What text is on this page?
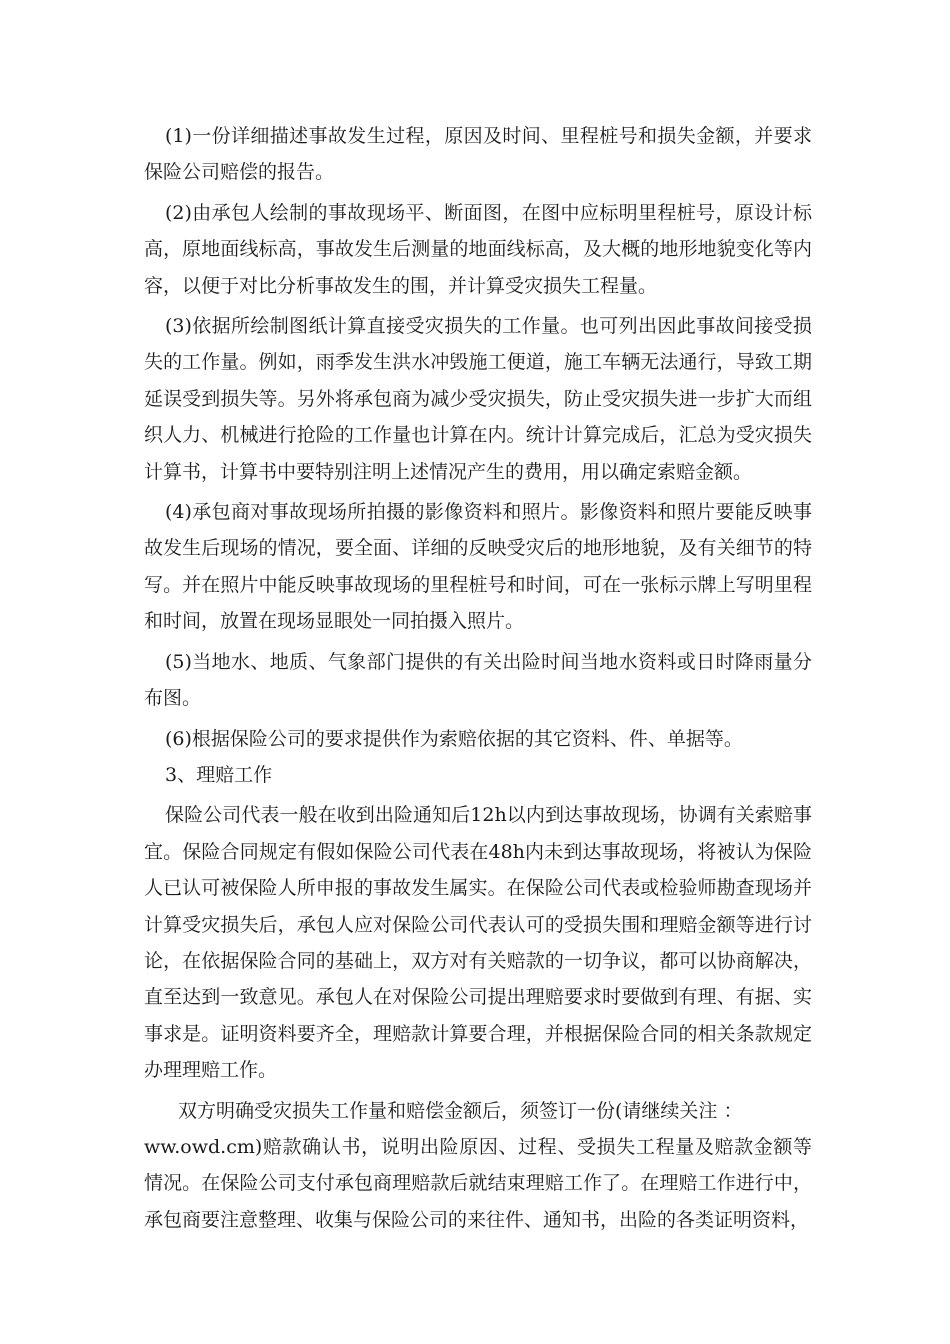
(1)一份详细描述事故发生过程，原因及时间、里程桩号和损失金额，并要求保险公司赔偿的报告。

(2)由承包人绘制的事故现场平、断面图，在图中应标明里程桩号，原设计标高，原地面线标高，事故发生后测量的地面线标高，及大概的地形地貌变化等内容，以便于对比分析事故发生的围，并计算受灾损失工程量。

(3)依据所绘制图纸计算直接受灾损失的工作量。也可列出因此事故间接受损失的工作量。例如，雨季发生洪水冲毁施工便道，施工车辆无法通行，导致工期延误受到损失等。另外将承包商为减少受灾损失，防止受灾损失进一步扩大而组织人力、机械进行抢险的工作量也计算在内。统计计算完成后，汇总为受灾损失计算书，计算书中要特别注明上述情况产生的费用，用以确定索赔金额。

(4)承包商对事故现场所拍摄的影像资料和照片。影像资料和照片要能反映事故发生后现场的情况，要全面、详细的反映受灾后的地形地貌，及有关细节的特写。并在照片中能反映事故现场的里程桩号和时间，可在一张标示牌上写明里程和时间，放置在现场显眼处一同拍摄入照片。

(5)当地水、地质、气象部门提供的有关出险时间当地水资料或日时降雨量分布图。

(6)根据保险公司的要求提供作为索赔依据的其它资料、件、单据等。

3、理赔工作

保险公司代表一般在收到出险通知后12h以内到达事故现场，协调有关索赔事宜。保险合同规定有假如保险公司代表在48h内未到达事故现场，将被认为保险人已认可被保险人所申报的事故发生属实。在保险公司代表或检验师勘查现场并计算受灾损失后，承包人应对保险公司代表认可的受损失围和理赔金额等进行讨论，在依据保险合同的基础上，双方对有关赔款的一切争议，都可以协商解决，直至达到一致意见。承包人在对保险公司提出理赔要求时要做到有理、有据、实事求是。证明资料要齐全，理赔款计算要合理，并根据保险合同的相关条款规定办理理赔工作。

双方明确受灾损失工作量和赔偿金额后，须签订一份(请继续关注 ：

ww.owd.cm)赔款确认书，说明出险原因、过程、受损失工程量及赔款金额等情况。在保险公司支付承包商理赔款后就结束理赔工作了。在理赔工作进行中，承包商要注意整理、收集与保险公司的来往件、通知书，出险的各类证明资料，
